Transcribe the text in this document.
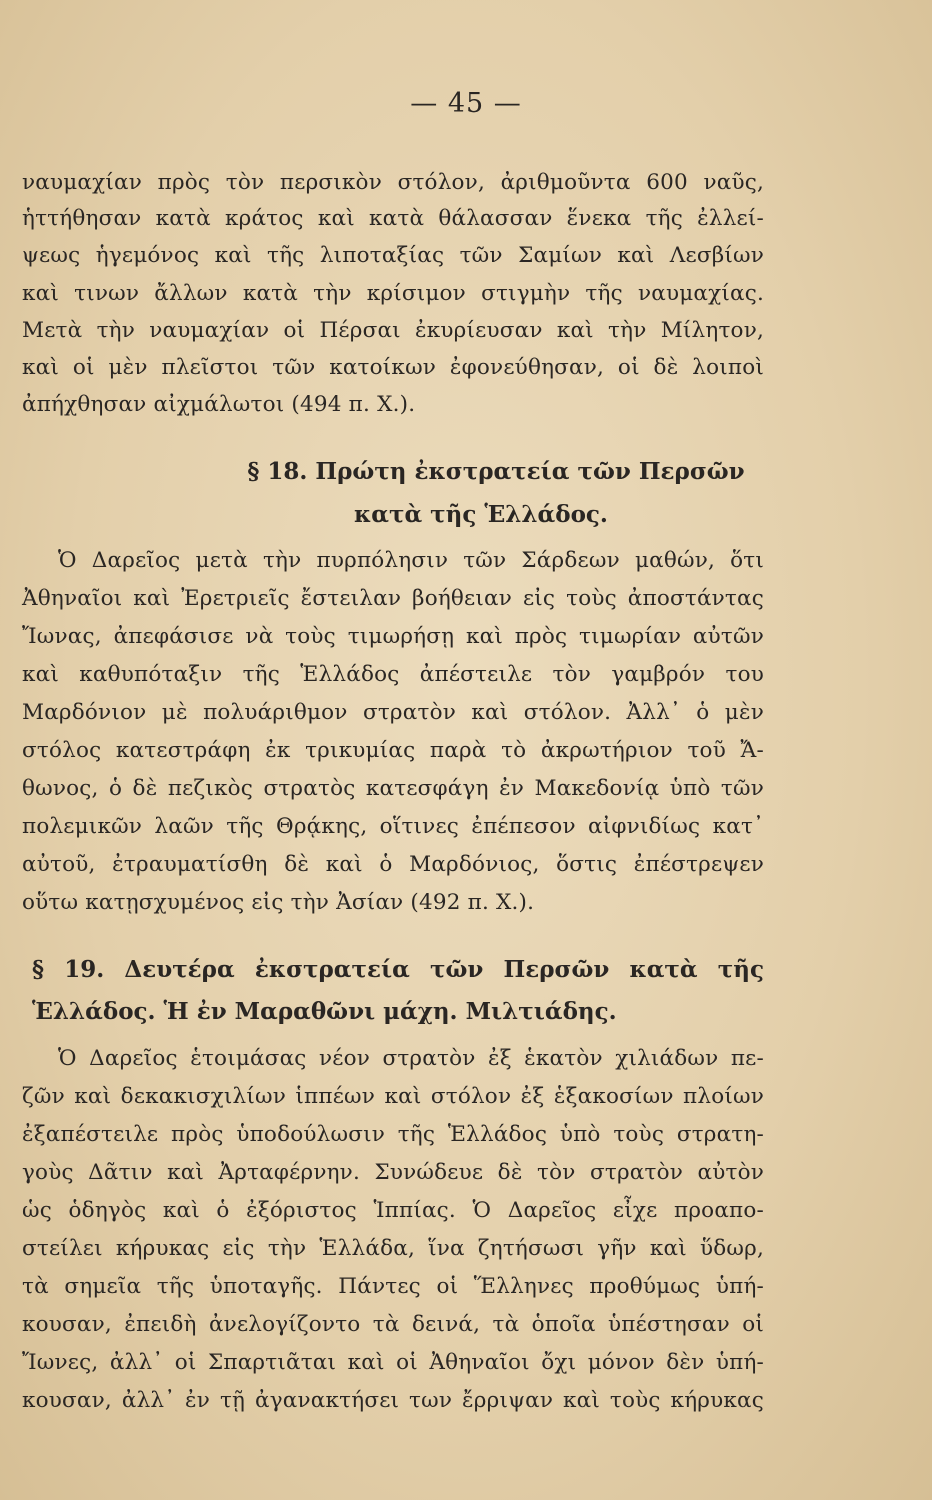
— 45 —
ναυμαχίαν πρὸς τὸν περσικὸν στόλον, ἀριθμοῦντα 600 ναῦς,
ἡττήθησαν κατὰ κράτος καὶ κατὰ θάλασσαν ἕνεκα τῆς ἐλλεί-
ψεως ἡγεμόνος καὶ τῆς λιποταξίας τῶν Σαμίων καὶ Λεσβίων
καὶ τινων ἄλλων κατὰ τὴν κρίσιμον στιγμὴν τῆς ναυμαχίας.
Μετὰ τὴν ναυμαχίαν οἱ Πέρσαι ἐκυρίευσαν καὶ τὴν Μίλητον,
καὶ οἱ μὲν πλεῖστοι τῶν κατοίκων ἐφονεύθησαν, οἱ δὲ λοιποὶ
ἀπήχθησαν αἰχμάλωτοι (494 π. Χ.).
§ 18. Πρώτη ἐκστρατεία τῶν Περσῶν
κατὰ τῆς Ἑλλάδος.
Ὁ Δαρεῖος μετὰ τὴν πυρπόλησιν τῶν Σάρδεων μαθών, ὅτι
Ἀθηναῖοι καὶ Ἐρετριεῖς ἔστειλαν βοήθειαν εἰς τοὺς ἀποστάντας
Ἴωνας, ἀπεφάσισε νὰ τοὺς τιμωρήσῃ καὶ πρὸς τιμωρίαν αὐτῶν
καὶ καθυπόταξιν τῆς Ἑλλάδος ἀπέστειλε τὸν γαμβρόν του
Μαρδόνιον μὲ πολυάριθμον στρατὸν καὶ στόλον. Ἀλλ᾽ ὁ μὲν
στόλος κατεστράφη ἐκ τρικυμίας παρὰ τὸ ἀκρωτήριον τοῦ Ἄ-
θωνος, ὁ δὲ πεζικὸς στρατὸς κατεσφάγη ἐν Μακεδονίᾳ ὑπὸ τῶν
πολεμικῶν λαῶν τῆς Θρᾴκης, οἵτινες ἐπέπεσον αἰφνιδίως κατ᾽
αὐτοῦ, ἐτραυματίσθη δὲ καὶ ὁ Μαρδόνιος, ὅστις ἐπέστρεψεν
οὕτω κατῃσχυμένος εἰς τὴν Ἀσίαν (492 π. Χ.).
§ 19. Δευτέρα ἐκστρατεία τῶν Περσῶν κατὰ τῆς
Ἑλλάδος. Ἡ ἐν Μαραθῶνι μάχη. Μιλτιάδης.
Ὁ Δαρεῖος ἑτοιμάσας νέον στρατὸν ἐξ ἑκατὸν χιλιάδων πε-
ζῶν καὶ δεκακισχιλίων ἱππέων καὶ στόλον ἐξ ἑξακοσίων πλοίων
ἐξαπέστειλε πρὸς ὑποδούλωσιν τῆς Ἑλλάδος ὑπὸ τοὺς στρατη-
γοὺς Δᾶτιν καὶ Ἀρταφέρνην. Συνώδευε δὲ τὸν στρατὸν αὐτὸν
ὡς ὁδηγὸς καὶ ὁ ἐξόριστος Ἱππίας. Ὁ Δαρεῖος εἶχε προαπο-
στείλει κήρυκας εἰς τὴν Ἑλλάδα, ἵνα ζητήσωσι γῆν καὶ ὕδωρ,
τὰ σημεῖα τῆς ὑποταγῆς. Πάντες οἱ Ἕλληνες προθύμως ὑπή-
κουσαν, ἐπειδὴ ἀνελογίζοντο τὰ δεινά, τὰ ὁποῖα ὑπέστησαν οἱ
Ἴωνες, ἀλλ᾽ οἱ Σπαρτιᾶται καὶ οἱ Ἀθηναῖοι ὄχι μόνον δὲν ὑπή-
κουσαν, ἀλλ᾽ ἐν τῇ ἀγανακτήσει των ἔρριψαν καὶ τοὺς κήρυκας
